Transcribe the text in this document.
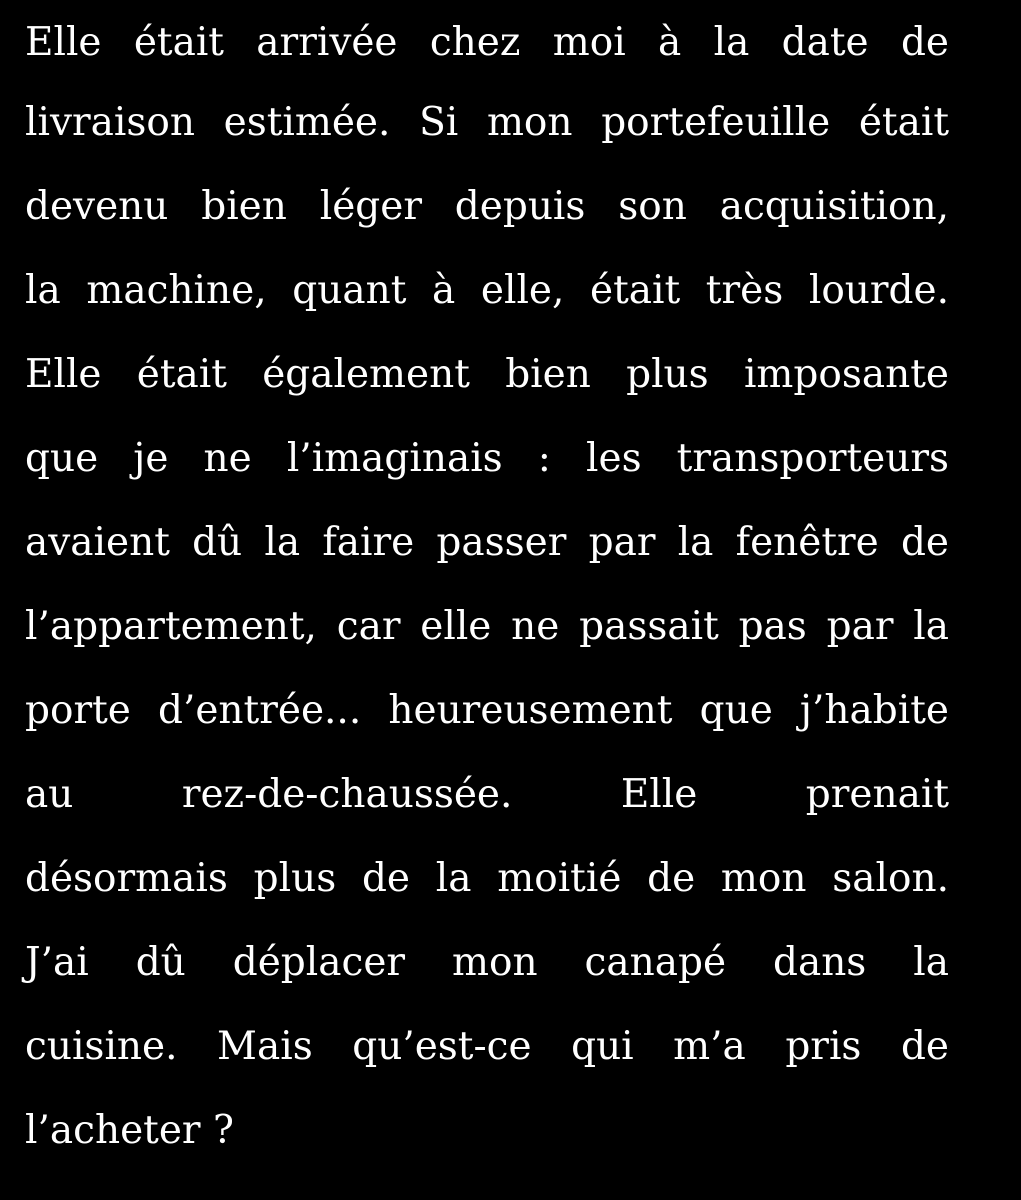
Elle était arrivée chez moi à la date de
livraison estimée. Si mon portefeuille était
devenu bien léger depuis son acquisition,
la machine, quant à elle, était très lourde.
Elle était également bien plus imposante
que je ne l’imaginais : les transporteurs
avaient dû la faire passer par la fenêtre de
l’appartement, car elle ne passait pas par la
porte d’entrée... heureusement que j’habite
au rez-de-chaussée. Elle prenait
désormais plus de la moitié de mon salon.
J’ai dû déplacer mon canapé dans la
cuisine. Mais qu’est-ce qui m’a pris de
l’acheter ?
